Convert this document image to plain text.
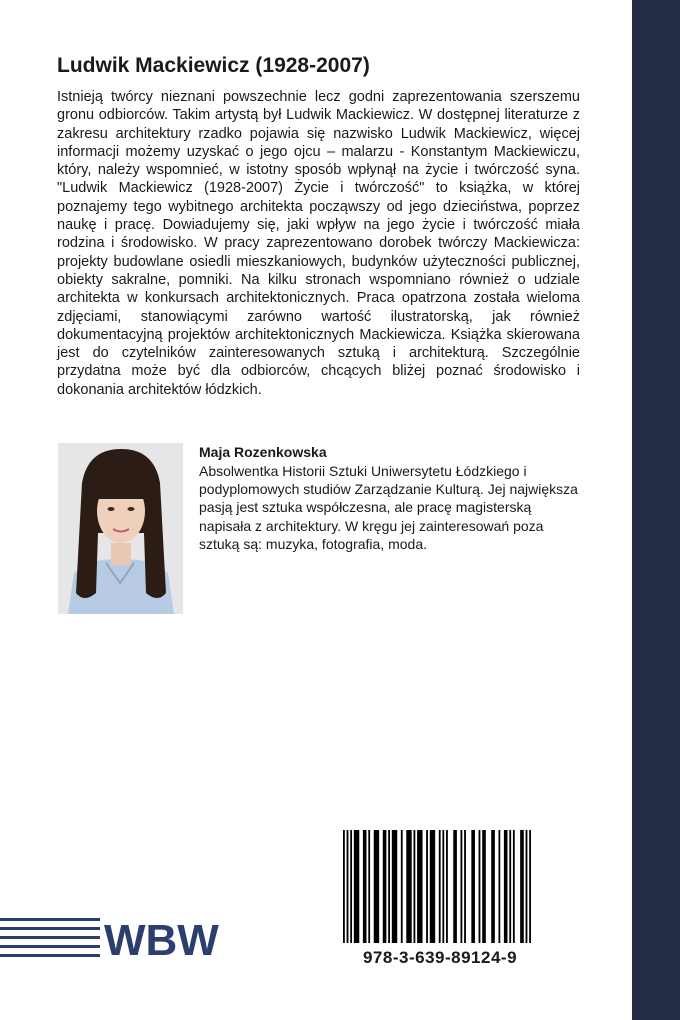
Ludwik Mackiewicz (1928-2007)

Istnieją twórcy nieznani powszechnie lecz godni zaprezentowania szerszemu gronu odbiorców. Takim artystą był Ludwik Mackiewicz. W dostępnej literaturze z zakresu architektury rzadko pojawia się nazwisko Ludwik Mackiewicz, więcej informacji możemy uzyskać o jego ojcu – malarzu - Konstantym Mackiewiczu, który, należy wspomnieć, w istotny sposób wpłynął na życie i twórczość syna. "Ludwik Mackiewicz (1928-2007) Życie i twórczość" to książka, w której poznajemy tego wybitnego architekta począwszy od jego dzieciństwa, poprzez naukę i pracę. Dowiadujemy się, jaki wpływ na jego życie i twórczość miała rodzina i środowisko. W pracy zaprezentowano dorobek twórczy Mackiewicza: projekty budowlane osiedli mieszkaniowych, budynków użyteczności publicznej, obiekty sakralne, pomniki. Na kilku stronach wspomniano również o udziale architekta w konkursach architektonicznych. Praca opatrzona została wieloma zdjęciami, stanowiącymi zarówno wartość ilustratorską, jak również dokumentacyjną projektów architektonicznych Mackiewicza. Książka skierowana jest do czytelników zainteresowanych sztuką i architekturą. Szczególnie przydatna może być dla odbiorców, chcących bliżej poznać środowisko i dokonania architektów łódzkich.

Maja Rozenkowska

Absolwentka Historii Sztuki Uniwersytetu Łódzkiego i podyplomowych studiów Zarządzanie Kulturą. Jej największa pasją jest sztuka współczesna, ale pracę magisterską napisała z architektury. W kręgu jej zainteresowań poza sztuką są: muzyka, fotografia, moda.

978-3-639-89124-9

WBW
